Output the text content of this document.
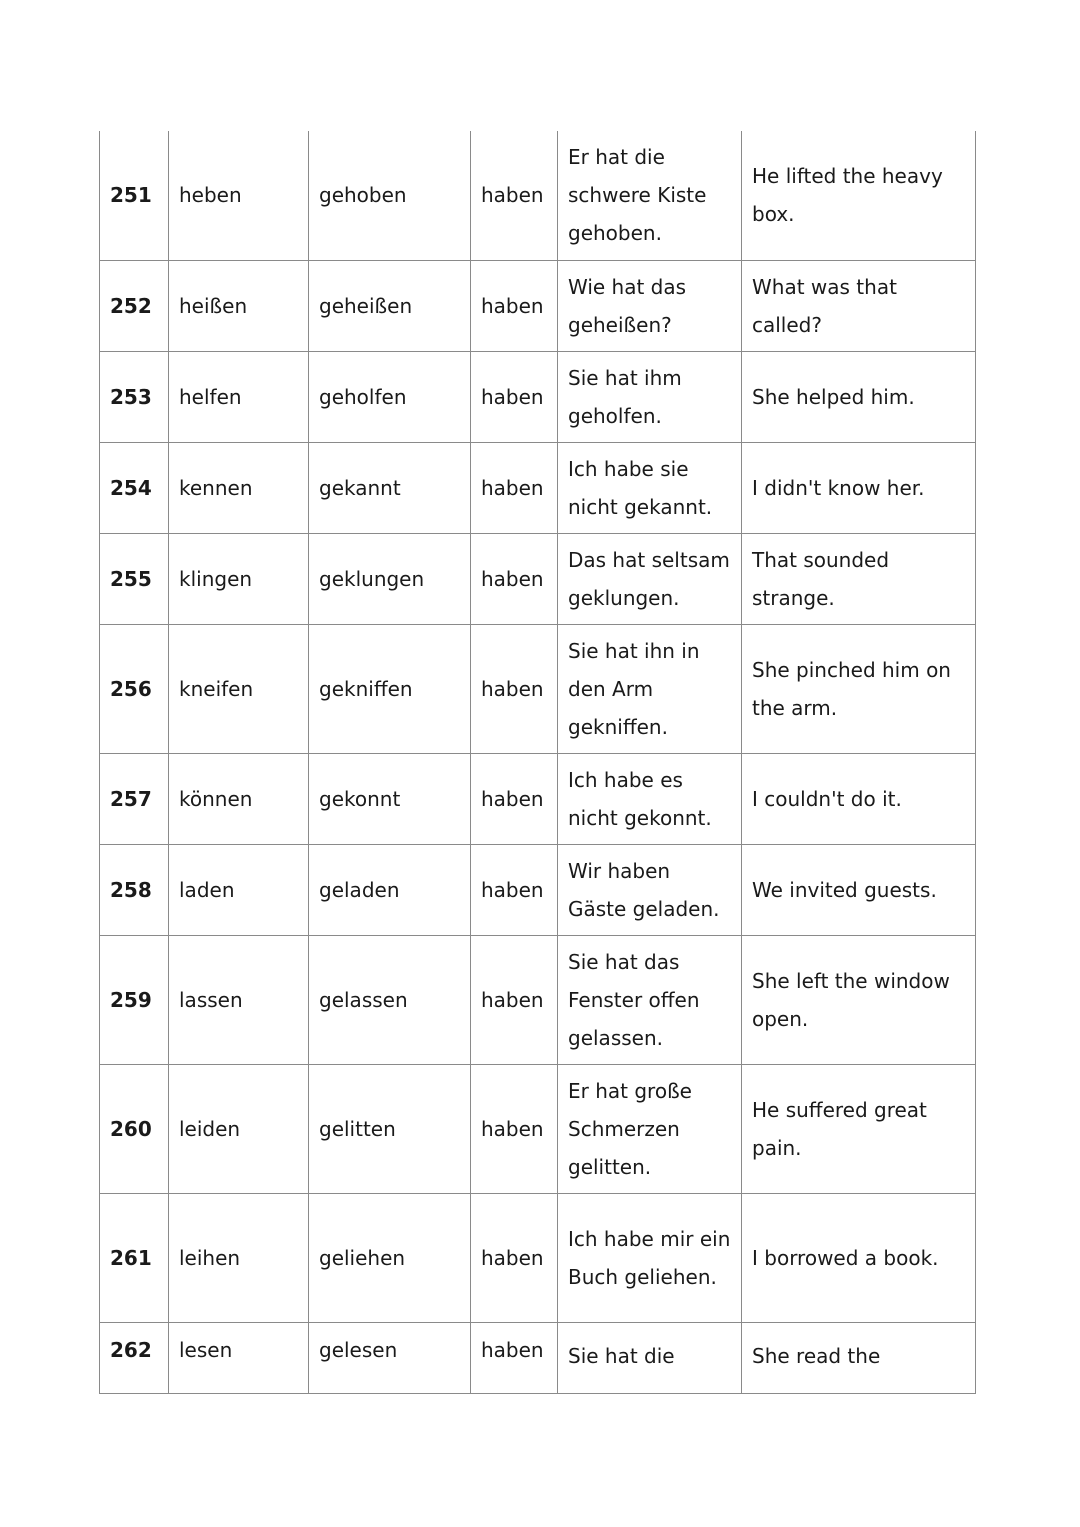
251	heben	gehoben	haben	Er hat die schwere Kiste gehoben.	He lifted the heavy box.
252	heißen	geheißen	haben	Wie hat das geheißen?	What was that called?
253	helfen	geholfen	haben	Sie hat ihm geholfen.	She helped him.
254	kennen	gekannt	haben	Ich habe sie nicht gekannt.	I didn't know her.
255	klingen	geklungen	haben	Das hat seltsam geklungen.	That sounded strange.
256	kneifen	gekniffen	haben	Sie hat ihn in den Arm gekniffen.	She pinched him on the arm.
257	können	gekonnt	haben	Ich habe es nicht gekonnt.	I couldn't do it.
258	laden	geladen	haben	Wir haben Gäste geladen.	We invited guests.
259	lassen	gelassen	haben	Sie hat das Fenster offen gelassen.	She left the window open.
260	leiden	gelitten	haben	Er hat große Schmerzen gelitten.	He suffered great pain.
261	leihen	geliehen	haben	Ich habe mir ein Buch geliehen.	I borrowed a book.
262	lesen	gelesen	haben	Sie hat die	She read the
